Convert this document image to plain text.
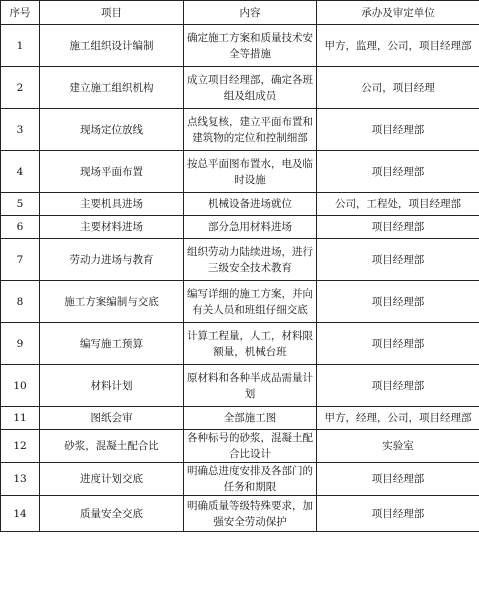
序号	项目	内容	承办及审定单位
1	施工组织设计编制	确定施工方案和质量技术安全等措施	甲方，监理，公司，项目经理部
2	建立施工组织机构	成立项目经理部，确定各班组及组成员	公司，项目经理
3	现场定位放线	点线复核，建立平面布置和建筑物的定位和控制细部	项目经理部
4	现场平面布置	按总平面图布置水，电及临时设施	项目经理部
5	主要机具进场	机械设备进场就位	公司，工程处，项目经理部
6	主要材料进场	部分急用材料进场	项目经理部
7	劳动力进场与教育	组织劳动力陆续进场，进行三级安全技术教育	项目经理部
8	施工方案编制与交底	编写详细的施工方案，并向有关人员和班组仔细交底	项目经理部
9	编写施工预算	计算工程量，人工，材料限额量，机械台班	项目经理部
10	材料计划	原材料和各种半成品需量计划	项目经理部
11	图纸会审	全部施工图	甲方，经理，公司，项目经理部
12	砂浆，混凝土配合比	各种标号的砂浆，混凝土配合比设计	实验室
13	进度计划交底	明确总进度安排及各部门的任务和期限	项目经理部
14	质量安全交底	明确质量等级特殊要求，加强安全劳动保护	项目经理部
